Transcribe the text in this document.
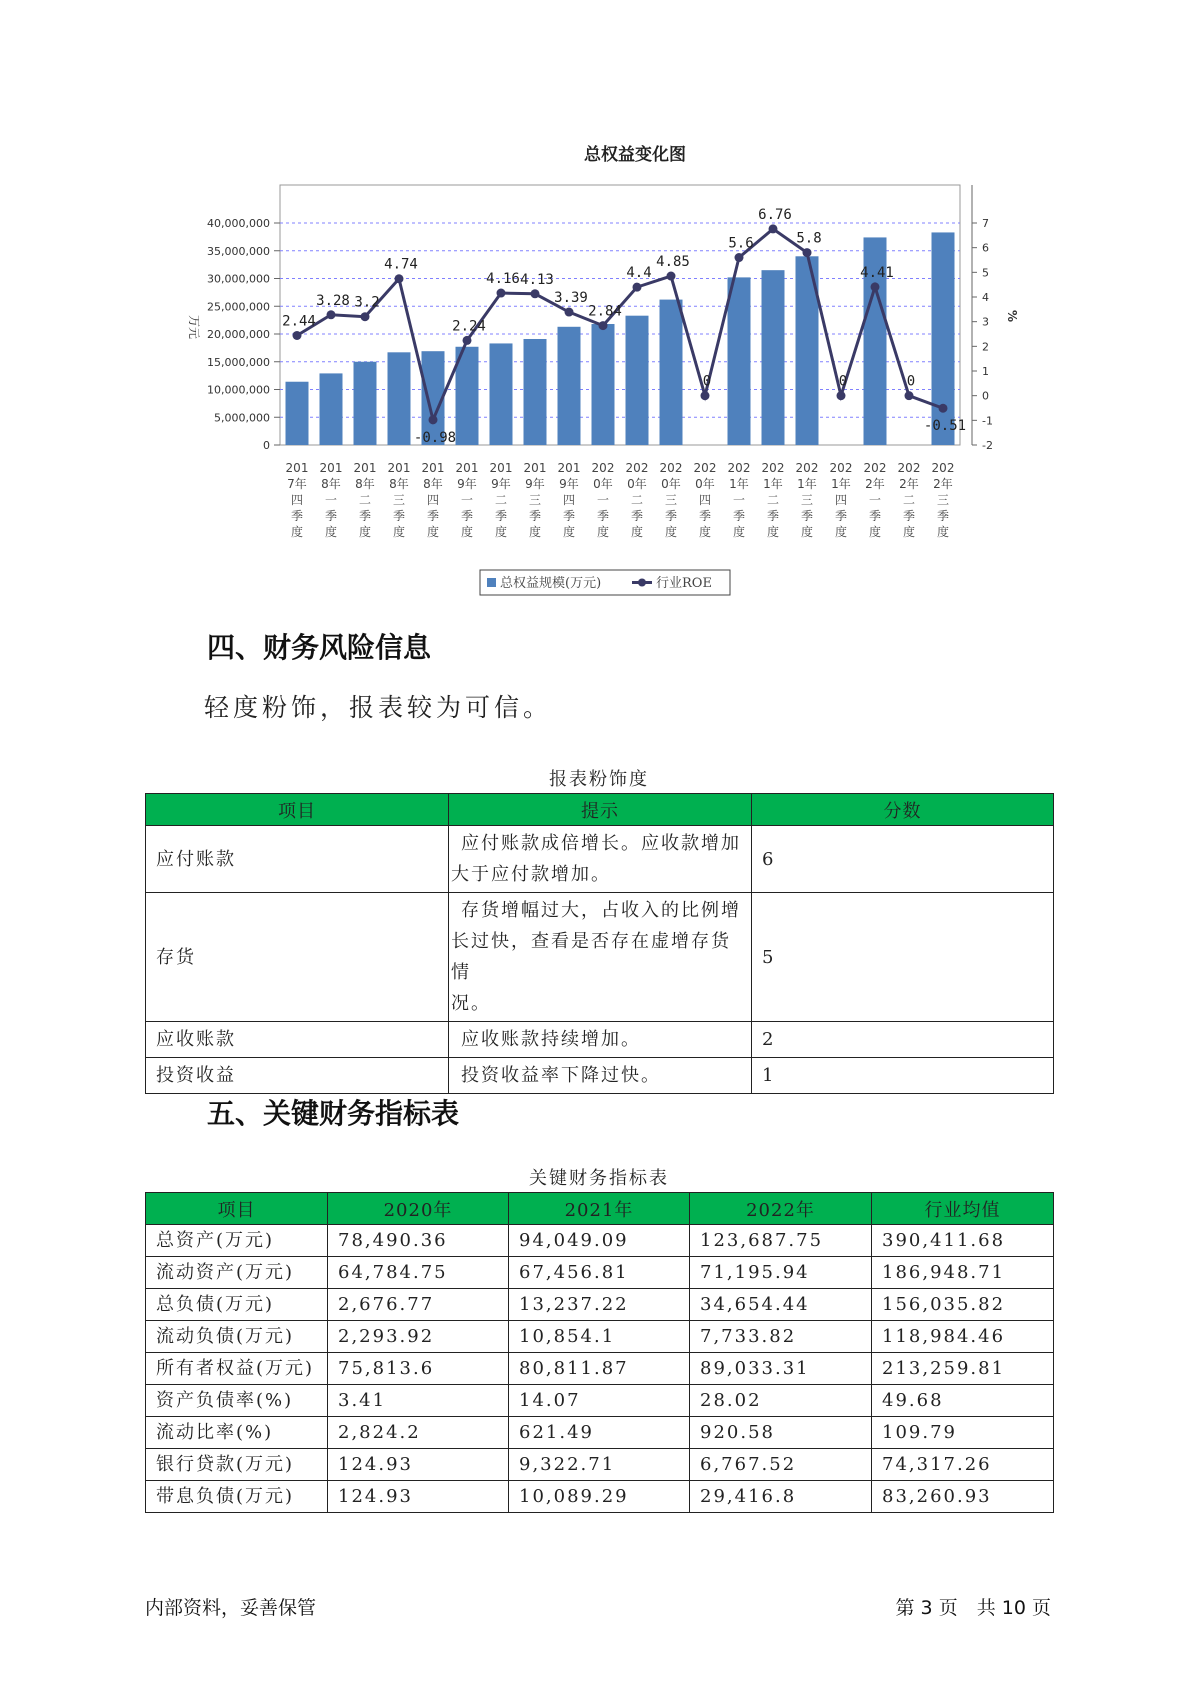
总权益变化图
0
5,000,000
10,000,000
15,000,000
20,000,000
25,000,000
30,000,000
35,000,000
40,000,000
-2
-1
0
1
2
3
4
5
6
7
万元	%
201
7年
四
季
度
201
8年
一
季
度
201
8年
二
季
度
201
8年
三
季
度
201
8年
四
季
度
201
9年
一
季
度
201
9年
二
季
度
201
9年
三
季
度
201
9年
四
季
度
202
0年
一
季
度
202
0年
二
季
度
202
0年
三
季
度
202
0年
四
季
度
202
1年
一
季
度
202
1年
二
季
度
202
1年
三
季
度
202
1年
四
季
度
202
2年
一
季
度
202
2年
二
季
度
202
2年
三
季
度
2.44
3.28 3.2
4.74
-0.98
2.24
4.16 4.13
3.39
2.84
4.4
4.85
0
5.6
6.76
5.8
0
4.41
0
-0.51
总权益规模(万元)	行业ROE
四、财务风险信息
轻度粉饰，报表较为可信。
报表粉饰度
项目	提示	分数
应付账款	应付账款成倍增长。应收款增加
大于应付款增加。	6
存货	存货增幅过大，占收入的比例增
长过快，查看是否存在虚增存货情
况。	5
应收账款	应收账款持续增加。	2
投资收益	投资收益率下降过快。	1
五、关键财务指标表
关键财务指标表
项目	2020年	2021年	2022年	行业均值
总资产(万元)	78,490.36	94,049.09	123,687.75	390,411.68
流动资产(万元)	64,784.75	67,456.81	71,195.94	186,948.71
总负债(万元)	2,676.77	13,237.22	34,654.44	156,035.82
流动负债(万元)	2,293.92	10,854.1	7,733.82	118,984.46
所有者权益(万元)	75,813.6	80,811.87	89,033.31	213,259.81
资产负债率(%)	3.41	14.07	28.02	49.68
流动比率(%)	2,824.2	621.49	920.58	109.79
银行贷款(万元)	124.93	9,322.71	6,767.52	74,317.26
带息负债(万元)	124.93	10,089.29	29,416.8	83,260.93
内部资料，妥善保管	第 3 页　共 10 页
